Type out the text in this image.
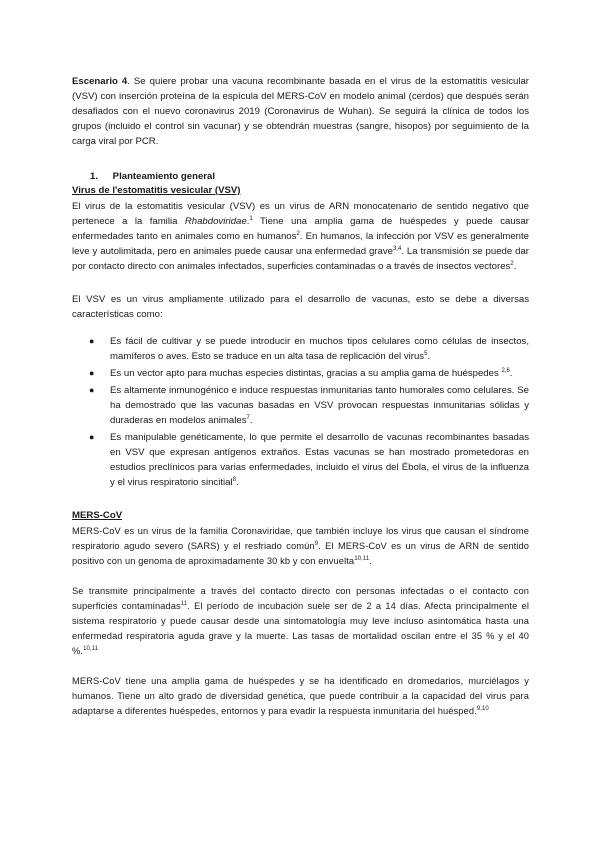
Escenario 4. Se quiere probar una vacuna recombinante basada en el virus de la estomatitis vesicular (VSV) con inserción proteína de la espícula del MERS-CoV en modelo animal (cerdos) que después serán desafiados con el nuevo coronavirus 2019 (Coronavirus de Wuhan). Se seguirá la clínica de todos los grupos (incluido el control sin vacunar) y se obtendrán muestras (sangre, hisopos) por seguimiento de la carga viral por PCR.

1. Planteamiento general

Virus de l'estomatitis vesicular (VSV)

El virus de la estomatitis vesicular (VSV) es un virus de ARN monocatenario de sentido negativo que pertenece a la familia Rhabdoviridae.$^1$ Tiene una amplia gama de huéspedes y puede causar enfermedades tanto en animales como en humanos$^2$. En humanos, la infección por VSV es generalmente leve y autolimitada, pero en animales puede causar una enfermedad grave$^{3,4}$. La transmisión se puede dar por contacto directo con animales infectados, superficies contaminadas o a través de insectos vectores$^2$.

El VSV es un virus ampliamente utilizado para el desarrollo de vacunas, esto se debe a diversas características como:

● Es fácil de cultivar y se puede introducir en muchos tipos celulares como células de insectos, mamíferos o aves. Esto se traduce en un alta tasa de replicación del virus$^5$.
● Es un vector apto para muchas especies distintas, gracias a su amplia gama de huéspedes $^{2,6}$.
● Es altamente inmunogénico e induce respuestas inmunitarias tanto humorales como celulares. Se ha demostrado que las vacunas basadas en VSV provocan respuestas inmunitarias sólidas y duraderas en modelos animales$^7$.
● Es manipulable genéticamente, lo que permite el desarrollo de vacunas recombinantes basadas en VSV que expresan antígenos extraños. Estas vacunas se han mostrado prometedoras en estudios preclínicos para varias enfermedades, incluido el virus del Ébola, el virus de la influenza y el virus respiratorio sincitial$^8$.

MERS-CoV

MERS-CoV es un virus de la familia Coronaviridae, que también incluye los virus que causan el síndrome respiratorio agudo severo (SARS) y el resfriado común$^9$. El MERS-CoV es un virus de ARN de sentido positivo con un genoma de aproximadamente 30 kb y con envuelta$^{10,11}$.

Se transmite principalmente a través del contacto directo con personas infectadas o el contacto con superficies contaminadas$^{11}$. El período de incubación suele ser de 2 a 14 días. Afecta principalmente el sistema respiratorio y puede causar desde una sintomatología muy leve incluso asintomática hasta una enfermedad respiratoria aguda grave y la muerte. Las tasas de mortalidad oscilan entre el 35 % y el 40 %.$^{10,11}$

MERS-CoV tiene una amplia gama de huéspedes y se ha identificado en dromedarios, murciélagos y humanos. Tiene un alto grado de diversidad genética, que puede contribuir a la capacidad del virus para adaptarse a diferentes huéspedes, entornos y para evadir la respuesta inmunitaria del huésped.$^{9,10}$
